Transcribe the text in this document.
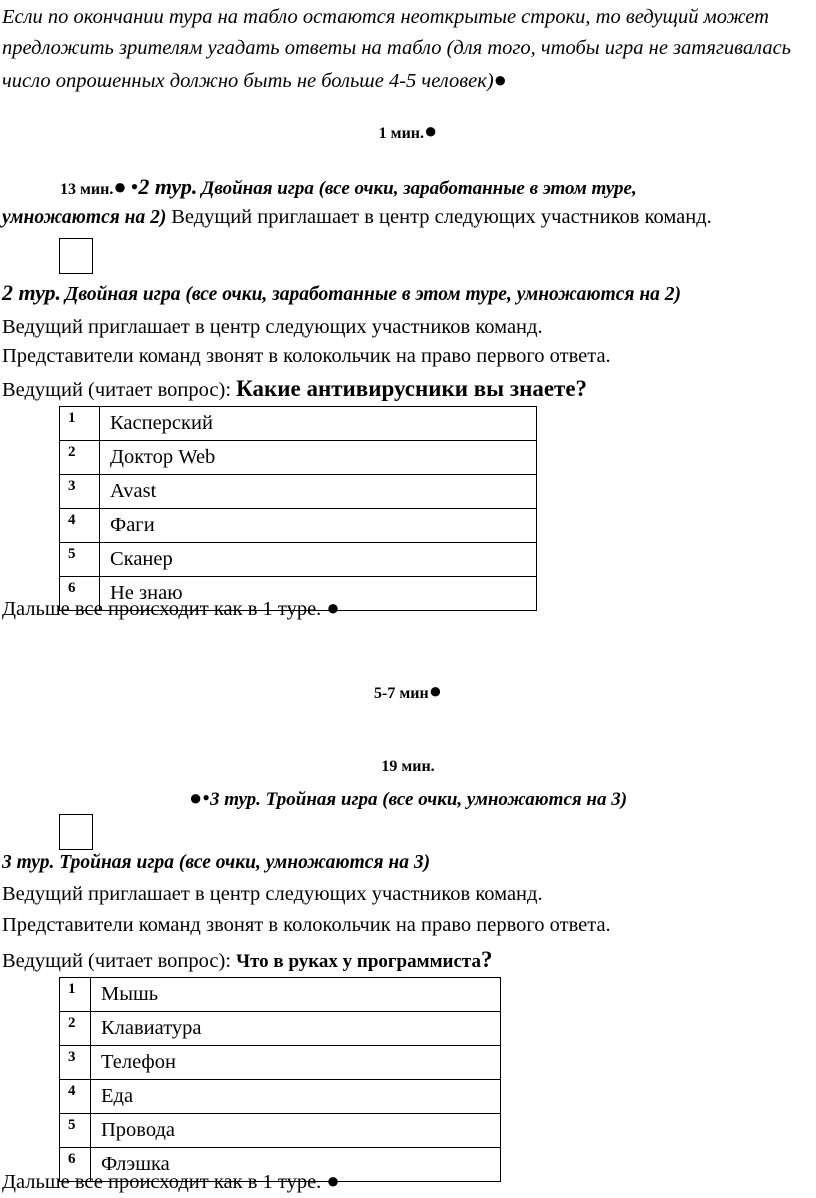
Если по окончании тура на табло остаются неоткрытые строки, то ведущий может предложить зрителям угадать ответы на табло (для того, чтобы игра не затягивалась число опрошенных должно быть не больше 4-5 человек)●
1 мин.●
13 мин.● •2 тур. Двойная игра (все очки, заработанные в этом туре,
умножаются на 2) Ведущий приглашает в центр следующих участников команд.
2 тур. Двойная игра (все очки, заработанные в этом туре, умножаются на 2)
Ведущий приглашает в центр следующих участников команд.
Представители команд звонят в колокольчик на право первого ответа.
Ведущий (читает вопрос): Какие антивирусники вы знаете?
1	Касперский
2	Доктор Web
3	Avast
4	Фаги
5	Сканер
6	Не знаю
Дальше все происходит как в 1 туре. ●
5-7 мин●
19 мин.
●•3 тур. Тройная игра (все очки, умножаются на 3)
3 тур. Тройная игра (все очки, умножаются на 3)
Ведущий приглашает в центр следующих участников команд.
Представители команд звонят в колокольчик на право первого ответа.
Ведущий (читает вопрос): Что в руках у программиста?
1	Мышь
2	Клавиатура
3	Телефон
4	Еда
5	Провода
6	Флэшка
Дальше все происходит как в 1 туре. ●
